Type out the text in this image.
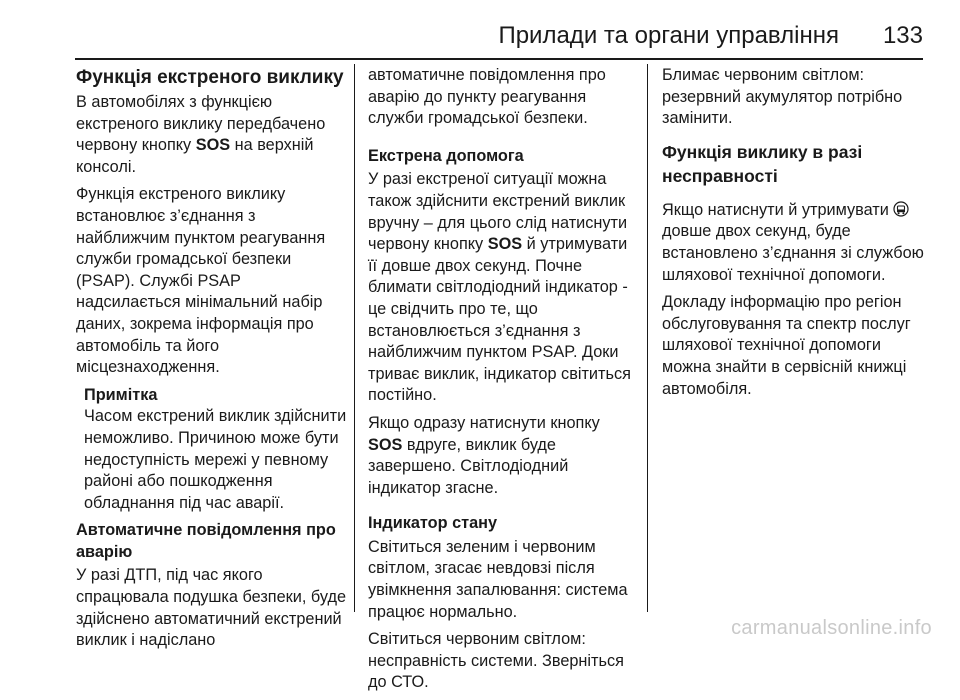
Прилади та органи управління 133
Функція екстреного виклику

В автомобілях з функцією екстреного виклику передбачено червону кнопку SOS на верхній консолі.

Функція екстреного виклику встановлює з’єднання з найближчим пунктом реагування служби громадської безпеки (PSAP). Службі PSAP надсилається мінімальний набір даних, зокрема інформація про автомобіль та його місцезнаходження.

Примітка
Часом екстрений виклик здійснити неможливо. Причиною може бути недоступність мережі у певному районі або пошкодження обладнання під час аварії.
Автоматичне повідомлення про аварію

У разі ДТП, під час якого спрацювала подушка безпеки, буде здійснено автоматичний екстрений виклик і надіслано

автоматичне повідомлення про аварію до пункту реагування служби громадської безпеки.

Екстрена допомога

У разі екстреної ситуації можна також здійснити екстрений виклик вручну – для цього слід натиснути червону кнопку SOS й утримувати її довше двох секунд. Почне блимати світлодіодний індикатор - це свідчить про те, що встановлюється з’єднання з найближчим пунктом PSAP. Доки триває виклик, індикатор світиться постійно.

Якщо одразу натиснути кнопку SOS вдруге, виклик буде завершено. Світлодіодний індикатор згасне.

Індикатор стану

Світиться зеленим і червоним світлом, згасає невдовзі після увімкнення запалювання: система працює нормально.

Світиться червоним світлом: несправність системи. Зверніться до СТО.

Блимає червоним світлом: резервний акумулятор потрібно замінити.

Функція виклику в разі несправності

Якщо натиснути й утримувати  довше двох секунд, буде встановлено з’єднання зі службою шляхової технічної допомоги.

Докладу інформацію про регіон обслуговування та спектр послуг шляхової технічної допомоги можна знайти в сервісній книжці автомобіля.

carmanualsonline.info
